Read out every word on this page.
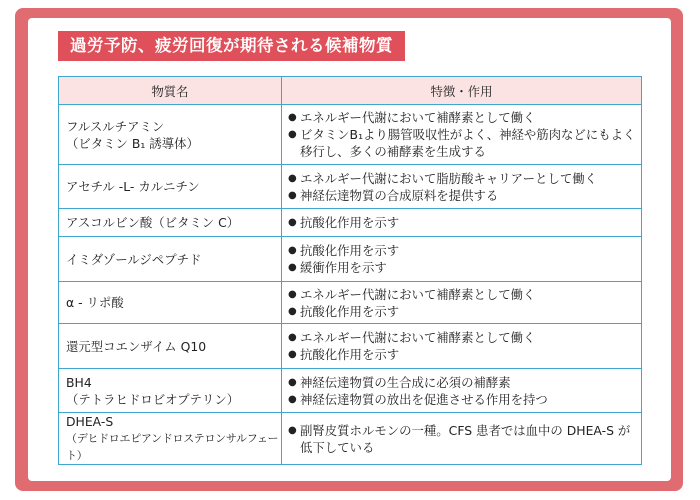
過労予防、疲労回復が期待される候補物質
物質名	特徴・作用

フルスルチアミン
（ビタミン B₁ 誘導体）	● エネルギー代謝において補酵素として働く
● ビタミンB₁より腸管吸収性がよく、神経や筋肉などにもよく移行し、多くの補酵素を生成する

アセチル -L- カルニチン	● エネルギー代謝において脂肪酸キャリアーとして働く
● 神経伝達物質の合成原料を提供する

アスコルビン酸（ビタミン C）	● 抗酸化作用を示す

イミダゾールジペプチド	● 抗酸化作用を示す
● 緩衝作用を示す

α - リポ酸	● エネルギー代謝において補酵素として働く
● 抗酸化作用を示す

還元型コエンザイム Q10	● エネルギー代謝において補酵素として働く
● 抗酸化作用を示す

BH4
（テトラヒドロビオプテリン）	● 神経伝達物質の生合成に必須の補酵素
● 神経伝達物質の放出を促進させる作用を持つ

DHEA-S
（デヒドロエピアンドロステロンサルフェート）	● 副腎皮質ホルモンの一種。CFS 患者では血中の DHEA-S が低下している
